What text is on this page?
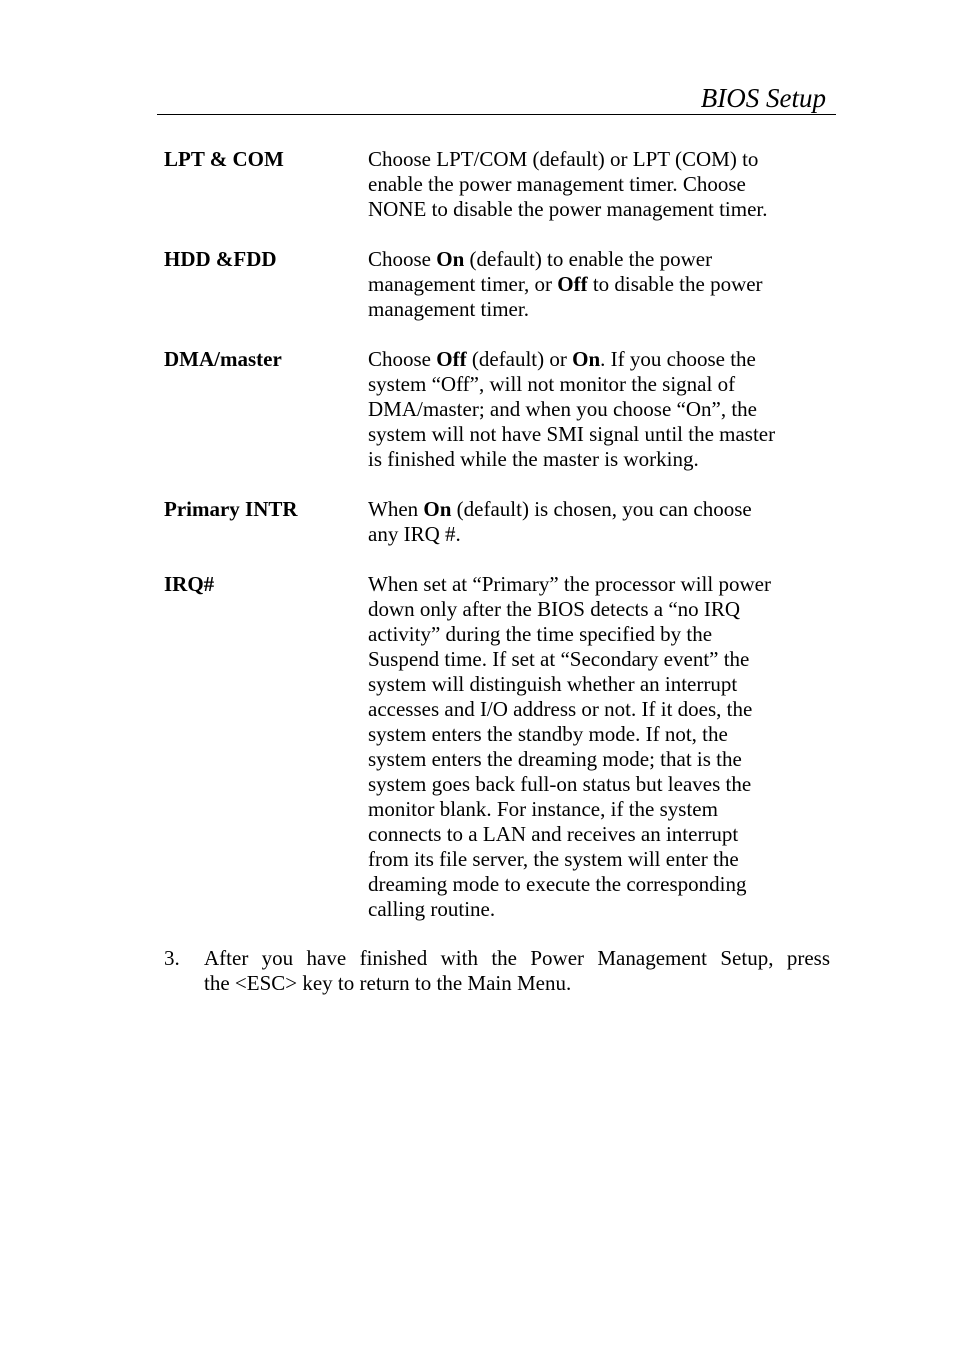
BIOS Setup
LPT & COM	Choose LPT/COM (default) or LPT (COM) to
enable the power management timer. Choose
NONE to disable the power management timer.
HDD &FDD	Choose On (default) to enable the power
management timer, or Off to disable the power
management timer.
DMA/master	Choose Off (default) or On. If you choose the
system “Off”, will not monitor the signal of
DMA/master; and when you choose “On”, the
system will not have SMI signal until the master
is finished while the master is working.
Primary INTR	When On (default) is chosen, you can choose
any IRQ #.
IRQ#	When set at “Primary” the processor will power
down only after the BIOS detects a “no IRQ
activity” during the time specified by the
Suspend time. If set at “Secondary event” the
system will distinguish whether an interrupt
accesses and I/O address or not. If it does, the
system enters the standby mode. If not, the
system enters the dreaming mode; that is the
system goes back full-on status but leaves the
monitor blank. For instance, if the system
connects to a LAN and receives an interrupt
from its file server, the system will enter the
dreaming mode to execute the corresponding
calling routine.
3. After you have finished with the Power Management Setup, press
the <ESC> key to return to the Main Menu.
